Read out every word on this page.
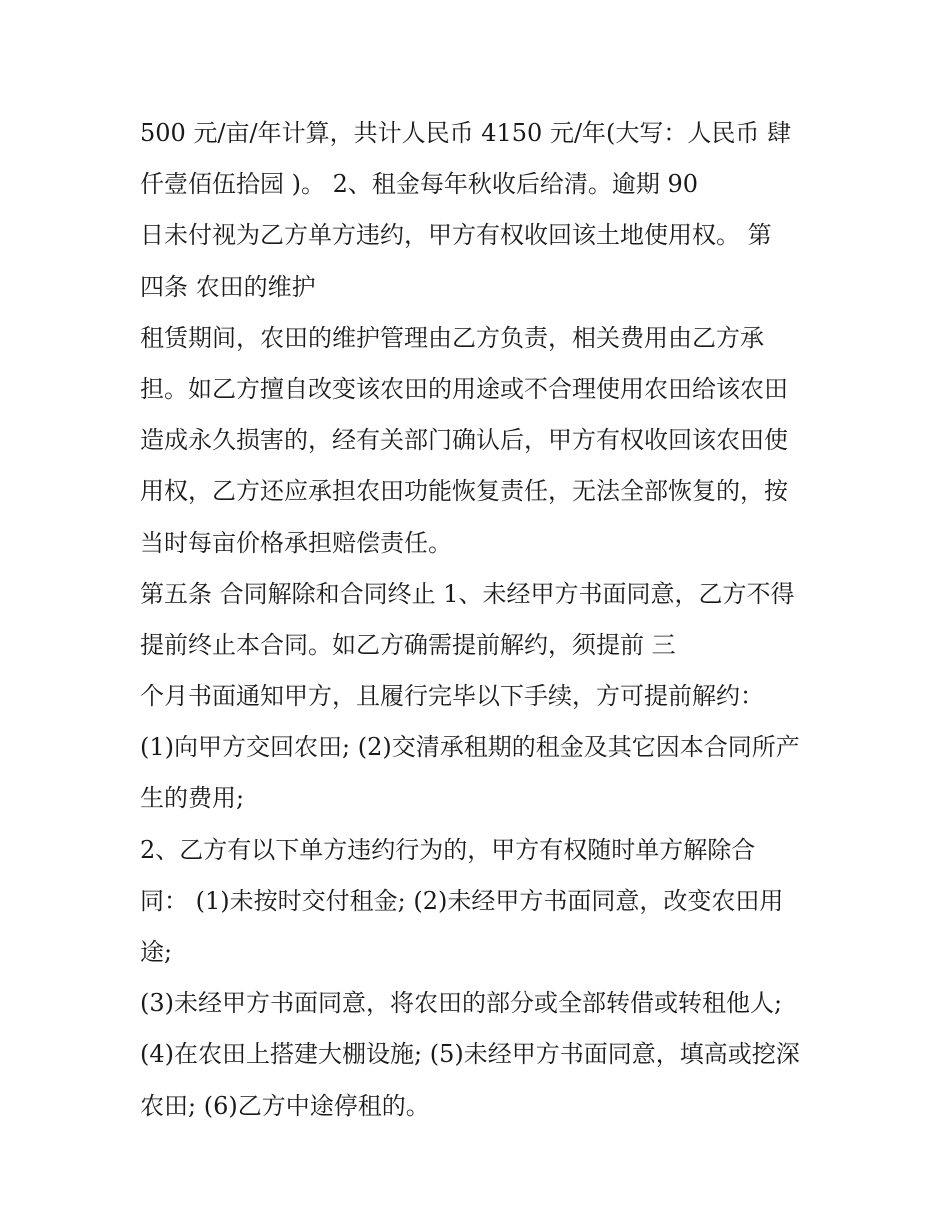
500 元/亩/年计算，共计人民币 4150 元/年(大写：人民币 肆
仟壹佰伍拾园 )。 2、租金每年秋收后给清。逾期 90
日未付视为乙方单方违约，甲方有权收回该土地使用权。 第
四条 农田的维护
租赁期间，农田的维护管理由乙方负责，相关费用由乙方承
担。如乙方擅自改变该农田的用途或不合理使用农田给该农田
造成永久损害的，经有关部门确认后，甲方有权收回该农田使
用权，乙方还应承担农田功能恢复责任，无法全部恢复的，按
当时每亩价格承担赔偿责任。
第五条 合同解除和合同终止 1、未经甲方书面同意，乙方不得
提前终止本合同。如乙方确需提前解约，须提前 三
个月书面通知甲方，且履行完毕以下手续，方可提前解约：
(1)向甲方交回农田; (2)交清承租期的租金及其它因本合同所产
生的费用;
2、乙方有以下单方违约行为的，甲方有权随时单方解除合
同： (1)未按时交付租金; (2)未经甲方书面同意，改变农田用
途;
(3)未经甲方书面同意，将农田的部分或全部转借或转租他人;
(4)在农田上搭建大棚设施; (5)未经甲方书面同意，填高或挖深
农田; (6)乙方中途停租的。
